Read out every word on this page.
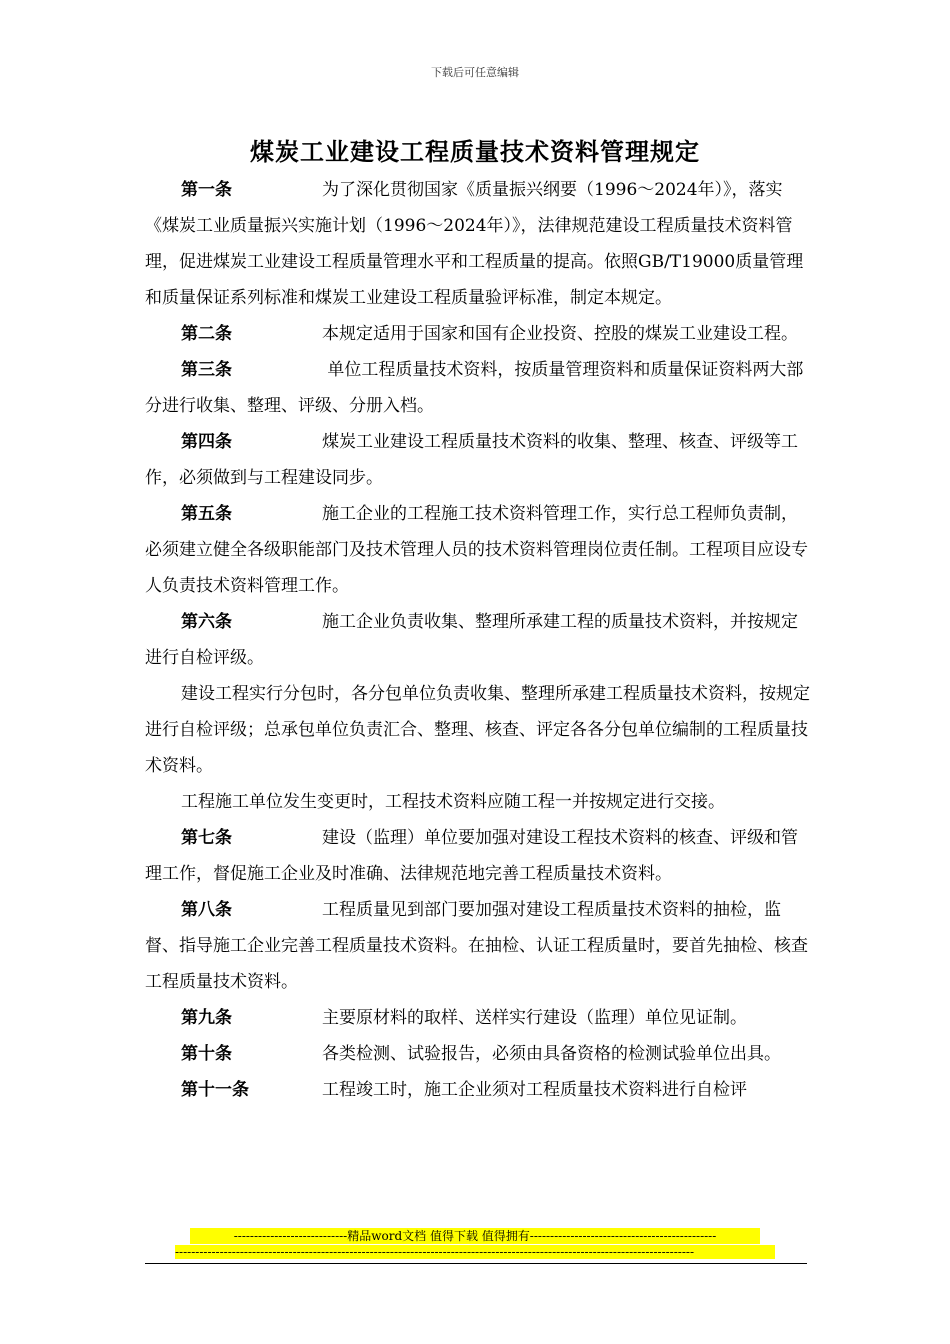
下载后可任意编辑
煤炭工业建设工程质量技术资料管理规定

第一条	为了深化贯彻国家《质量振兴纲要（1996～2024年）》，落实《煤炭工业质量振兴实施计划（1996～2024年）》，法律规范建设工程质量技术资料管理，促进煤炭工业建设工程质量管理水平和工程质量的提高。依照GB/T19000质量管理和质量保证系列标准和煤炭工业建设工程质量验评标准，制定本规定。

第二条	本规定适用于国家和国有企业投资、控股的煤炭工业建设工程。

第三条	单位工程质量技术资料，按质量管理资料和质量保证资料两大部分进行收集、整理、评级、分册入档。

第四条	煤炭工业建设工程质量技术资料的收集、整理、核查、评级等工作，必须做到与工程建设同步。

第五条	施工企业的工程施工技术资料管理工作，实行总工程师负责制，必须建立健全各级职能部门及技术管理人员的技术资料管理岗位责任制。工程项目应设专人负责技术资料管理工作。

第六条	施工企业负责收集、整理所承建工程的质量技术资料，并按规定进行自检评级。

建设工程实行分包时，各分包单位负责收集、整理所承建工程质量技术资料，按规定进行自检评级；总承包单位负责汇合、整理、核查、评定各各分包单位编制的工程质量技术资料。

工程施工单位发生变更时，工程技术资料应随工程一并按规定进行交接。

第七条	建设（监理）单位要加强对建设工程技术资料的核查、评级和管理工作，督促施工企业及时准确、法律规范地完善工程质量技术资料。

第八条	工程质量见到部门要加强对建设工程质量技术资料的抽检，监督、指导施工企业完善工程质量技术资料。在抽检、认证工程质量时，要首先抽检、核查工程质量技术资料。

第九条	主要原材料的取样、送样实行建设（监理）单位见证制。

第十条	各类检测、试验报告，必须由具备资格的检测试验单位出具。

第十一条	工程竣工时，施工企业须对工程质量技术资料进行自检评

----------------------------精品word文档 值得下载 值得拥有----------------------------------------------
--------------------------------------------------------------------------------------------------------------------------------
